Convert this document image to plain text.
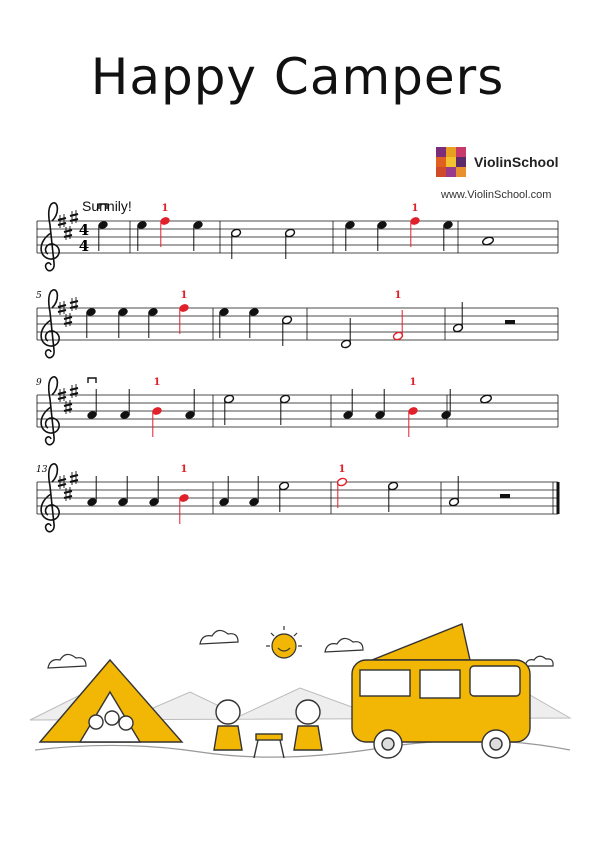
Happy Campers
ViolinSchool
www.ViolinSchool.com
Sunnily!
4
4
1	1
5	1	1
9	1	1
13	1	1
